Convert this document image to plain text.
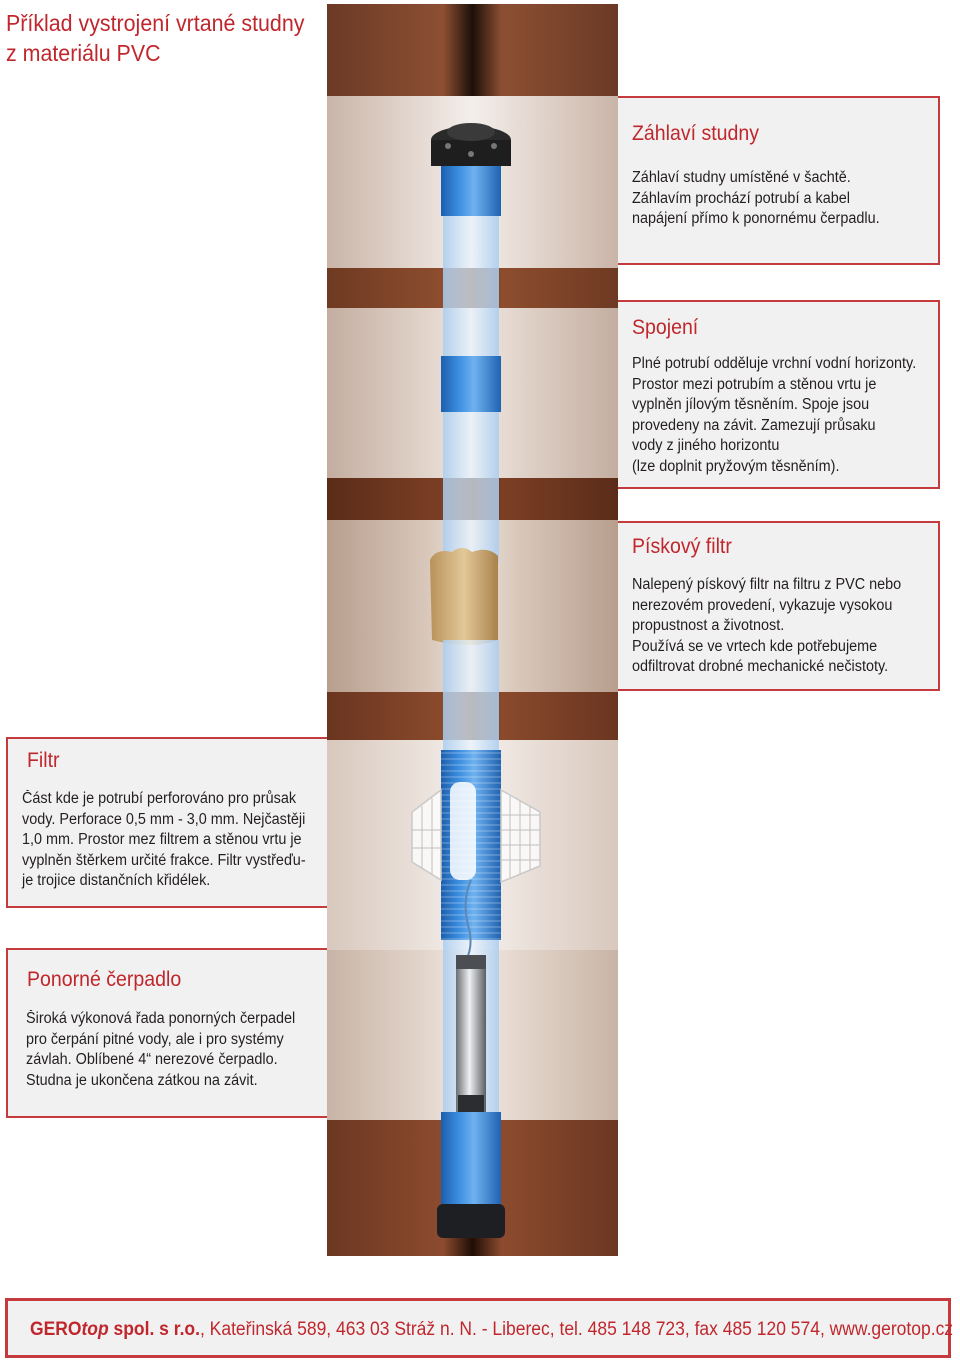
Příklad vystrojení vrtané studny
z materiálu PVC
Záhlaví studny
Záhlaví studny umístěné v šachtě.
Záhlavím prochází potrubí a kabel
napájení přímo k ponornému čerpadlu.
Spojení
Plné potrubí odděluje vrchní vodní horizonty.
Prostor mezi potrubím a stěnou vrtu je
vyplněn jílovým těsněním. Spoje jsou
provedeny na závit. Zamezují průsaku
vody z jiného horizontu
(lze doplnit pryžovým těsněním).
Pískový filtr
Nalepený pískový filtr na filtru z PVC nebo
nerezovém provedení, vykazuje vysokou
propustnost a životnost.
Používá se ve vrtech kde potřebujeme
odfiltrovat drobné mechanické nečistoty.
Filtr
Část kde je potrubí perforováno pro průsak
vody. Perforace 0,5 mm - 3,0 mm. Nejčastěji
1,0 mm. Prostor mez filtrem a stěnou vrtu je
vyplněn štěrkem určité frakce. Filtr vystřeďu-
je trojice distančních křidélek.
Ponorné čerpadlo
Široká výkonová řada ponorných čerpadel
pro čerpání pitné vody, ale i pro systémy
závlah. Oblíbené 4“ nerezové čerpadlo.
Studna je ukončena zátkou na závit.
GEROtop spol. s r.o., Kateřinská 589, 463 03 Stráž n. N. - Liberec, tel. 485 148 723, fax 485 120 574, www.gerotop.cz
